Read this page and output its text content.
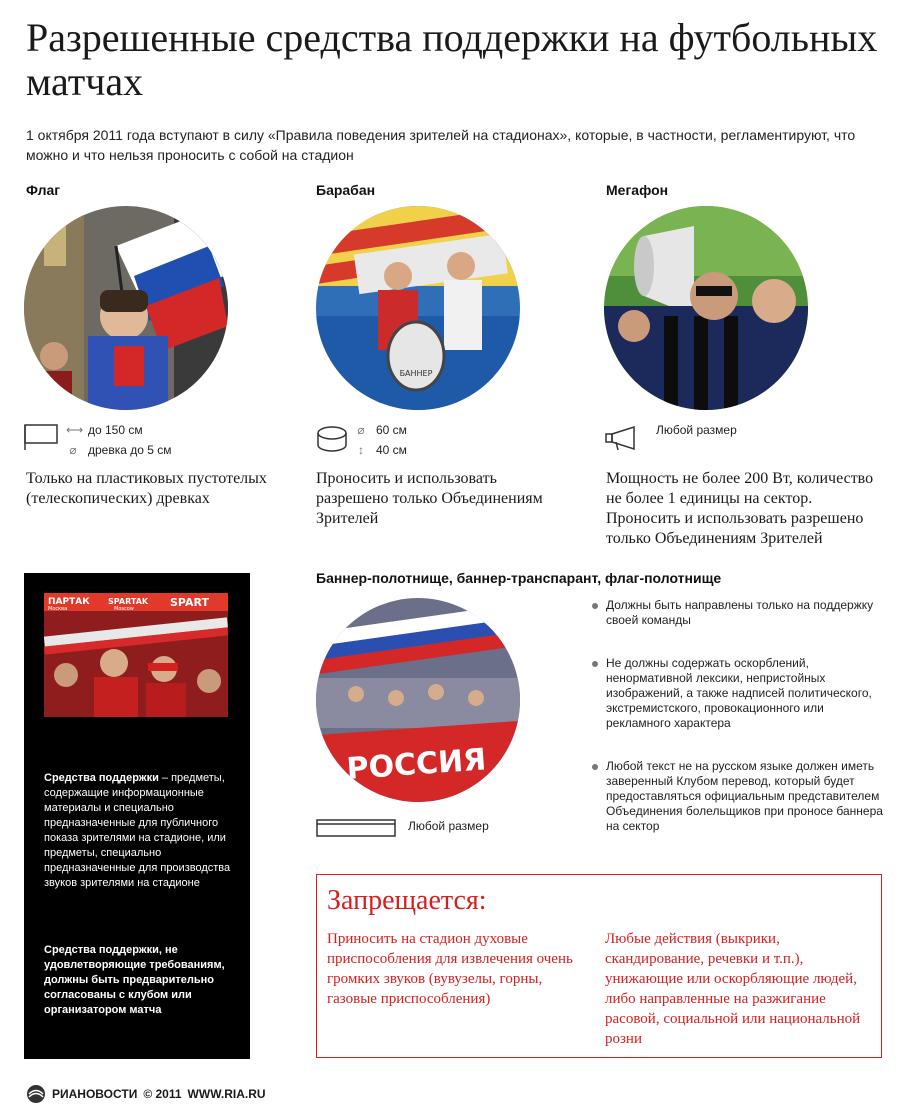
Разрешенные средства поддержки на футбольных матчах
1 октября 2011 года вступают в силу «Правила поведения зрителей на стадионах», которые, в частности, регламентируют, что можно и что нельзя проносить с собой на стадион
Флаг
⟷ до 150 см
⌀ древка до 5 см
Только на пластиковых пустотелых (телескопических) древках
Барабан
БАННЕР
⌀ 60 см
↕	40 см
Проносить и использовать разрешено только Объединениям Зрителей
Мегафон
Любой размер
Мощность не более 200 Вт, количество не более 1 единицы на сектор. Проносить и использовать разрешено только Объединениям Зрителей
ПАРТАК
Москва
SPARTAK
Moscow	SPART
Средства поддержки – предметы, содержащие информационные материалы и специально предназначенные для публичного показа зрителями на стадионе, или предметы, специально предназначенные для производства звуков зрителями на стадионе
Средства поддержки, не удовлетворяющие требованиям, должны быть предварительно согласованы с клубом или организатором матча
Баннер-полотнище, баннер-транспарант, флаг-полотнище
РОССИЯ
Любой размер
Должны быть направлены только на поддержку своей команды
Не должны содержать оскорблений, ненормативной лексики, непристойных изображений, а также надписей политического, экстремистского, провокационного или рекламного характера
Любой текст не на русском языке должен иметь заверенный Клубом перевод, который будет предоставляться официальным представителем Объединения болельщиков при проносе баннера на сектор
Запрещается:
Приносить на стадион духовые приспособления для извлечения очень громких звуков (вувузелы, горны, газовые приспособления)
Любые действия (выкрики, скандирование, речевки и т.п.), унижающие или оскорбляющие людей, либо направленные на разжигание расовой, социальной или национальной розни
РИАНОВОСТИ © 2011 WWW.RIA.RU
